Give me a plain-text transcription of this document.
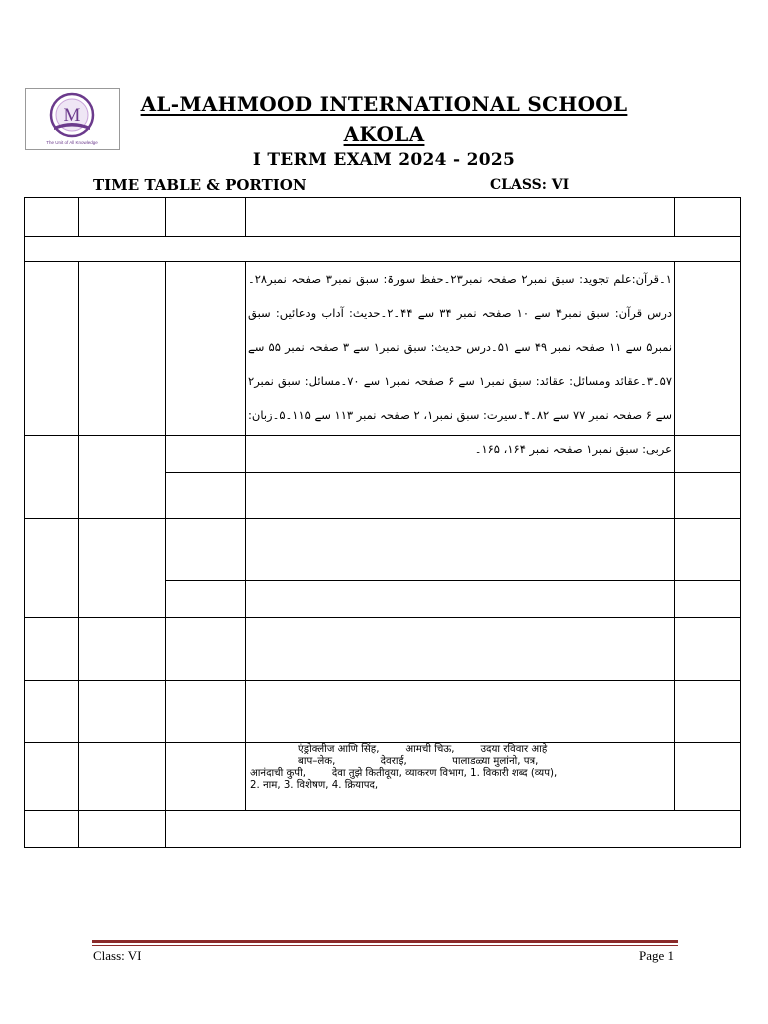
M
The Unit of All Knowledge
AL-MAHMOOD INTERNATIONAL SCHOOL
AKOLA
I TERM EXAM 2024 - 2025
TIME TABLE & PORTION	CLASS: VI
۱۔قرآن:علم تجوید: سبق نمبر۲ صفحہ نمبر۲۳۔حفظ سورۃ: سبق نمبر۳ صفحہ نمبر۲۸۔درس قرآن: سبق نمبر۴ سے ۱۰ صفحہ نمبر ۳۴ سے ۴۴۔۲۔حدیث: آداب ودعائیں: سبق نمبر۵ سے ۱۱ صفحہ نمبر ۴۹ سے ۵۱۔درس حدیث: سبق نمبر۱ سے ۳ صفحہ نمبر ۵۵ سے ۵۷۔۳۔عقائد ومسائل: عقائد: سبق نمبر۱ سے ۶ صفحہ نمبر۱ سے ۷۰۔مسائل: سبق نمبر۲ سے ۶ صفحہ نمبر ۷۷ سے ۸۲۔۴۔سیرت: سبق نمبر۱، ۲ صفحہ نمبر ۱۱۳ سے ۱۱۵۔۵۔زبان: عربی: سبق نمبر۱ صفحہ نمبر ۱۶۴، ۱۶۵۔
एंड्रोक्लीज आणि सिंह,        आमची चिऊ,        उदया रविवार आहे
बाप–लेक,              देवराई,              पालाडळ्या मुलांनो, पत्र,
आनंदाची कुपी,        देवा तुझे कितीवूया, व्याकरण विभाग, 1. विकारी शब्द (व्यप),
2. नाम, 3. विशेषण, 4. क्रियापद,
Class: VI	Page 1
